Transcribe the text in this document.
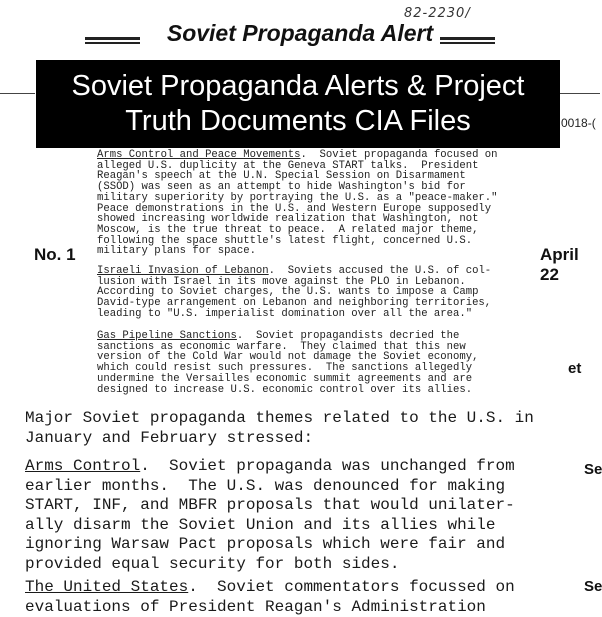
Soviet Propaganda Alert
82-2230/
0018-(
Soviet Propaganda Alerts & Project
Truth Documents CIA Files
No. 1	April 22
et
Se
Se
Arms Control and Peace Movements.  Soviet propaganda focused on
alleged U.S. duplicity at the Geneva START talks.  President
Reagan's speech at the U.N. Special Session on Disarmament
(SSOD) was seen as an attempt to hide Washington's bid for
military superiority by portraying the U.S. as a "peace-maker."
Peace demonstrations in the U.S. and Western Europe supposedly
showed increasing worldwide realization that Washington, not
Moscow, is the true threat to peace.  A related major theme,
following the space shuttle's latest flight, concerned U.S.
military plans for space.
Israeli Invasion of Lebanon.  Soviets accused the U.S. of col-
lusion with Israel in its move against the PLO in Lebanon.
According to Soviet charges, the U.S. wants to impose a Camp
David-type arrangement on Lebanon and neighboring territories,
leading to "U.S. imperialist domination over all the area."
Gas Pipeline Sanctions.  Soviet propagandists decried the
sanctions as economic warfare.  They claimed that this new
version of the Cold War would not damage the Soviet economy,
which could resist such pressures.  The sanctions allegedly
undermine the Versailles economic summit agreements and are
designed to increase U.S. economic control over its allies.
Major Soviet propaganda themes related to the U.S. in
January and February stressed:
Arms Control.  Soviet propaganda was unchanged from
earlier months.  The U.S. was denounced for making
START, INF, and MBFR proposals that would unilater-
ally disarm the Soviet Union and its allies while
ignoring Warsaw Pact proposals which were fair and
provided equal security for both sides.
The United States.  Soviet commentators focussed on
evaluations of President Reagan's Administration
